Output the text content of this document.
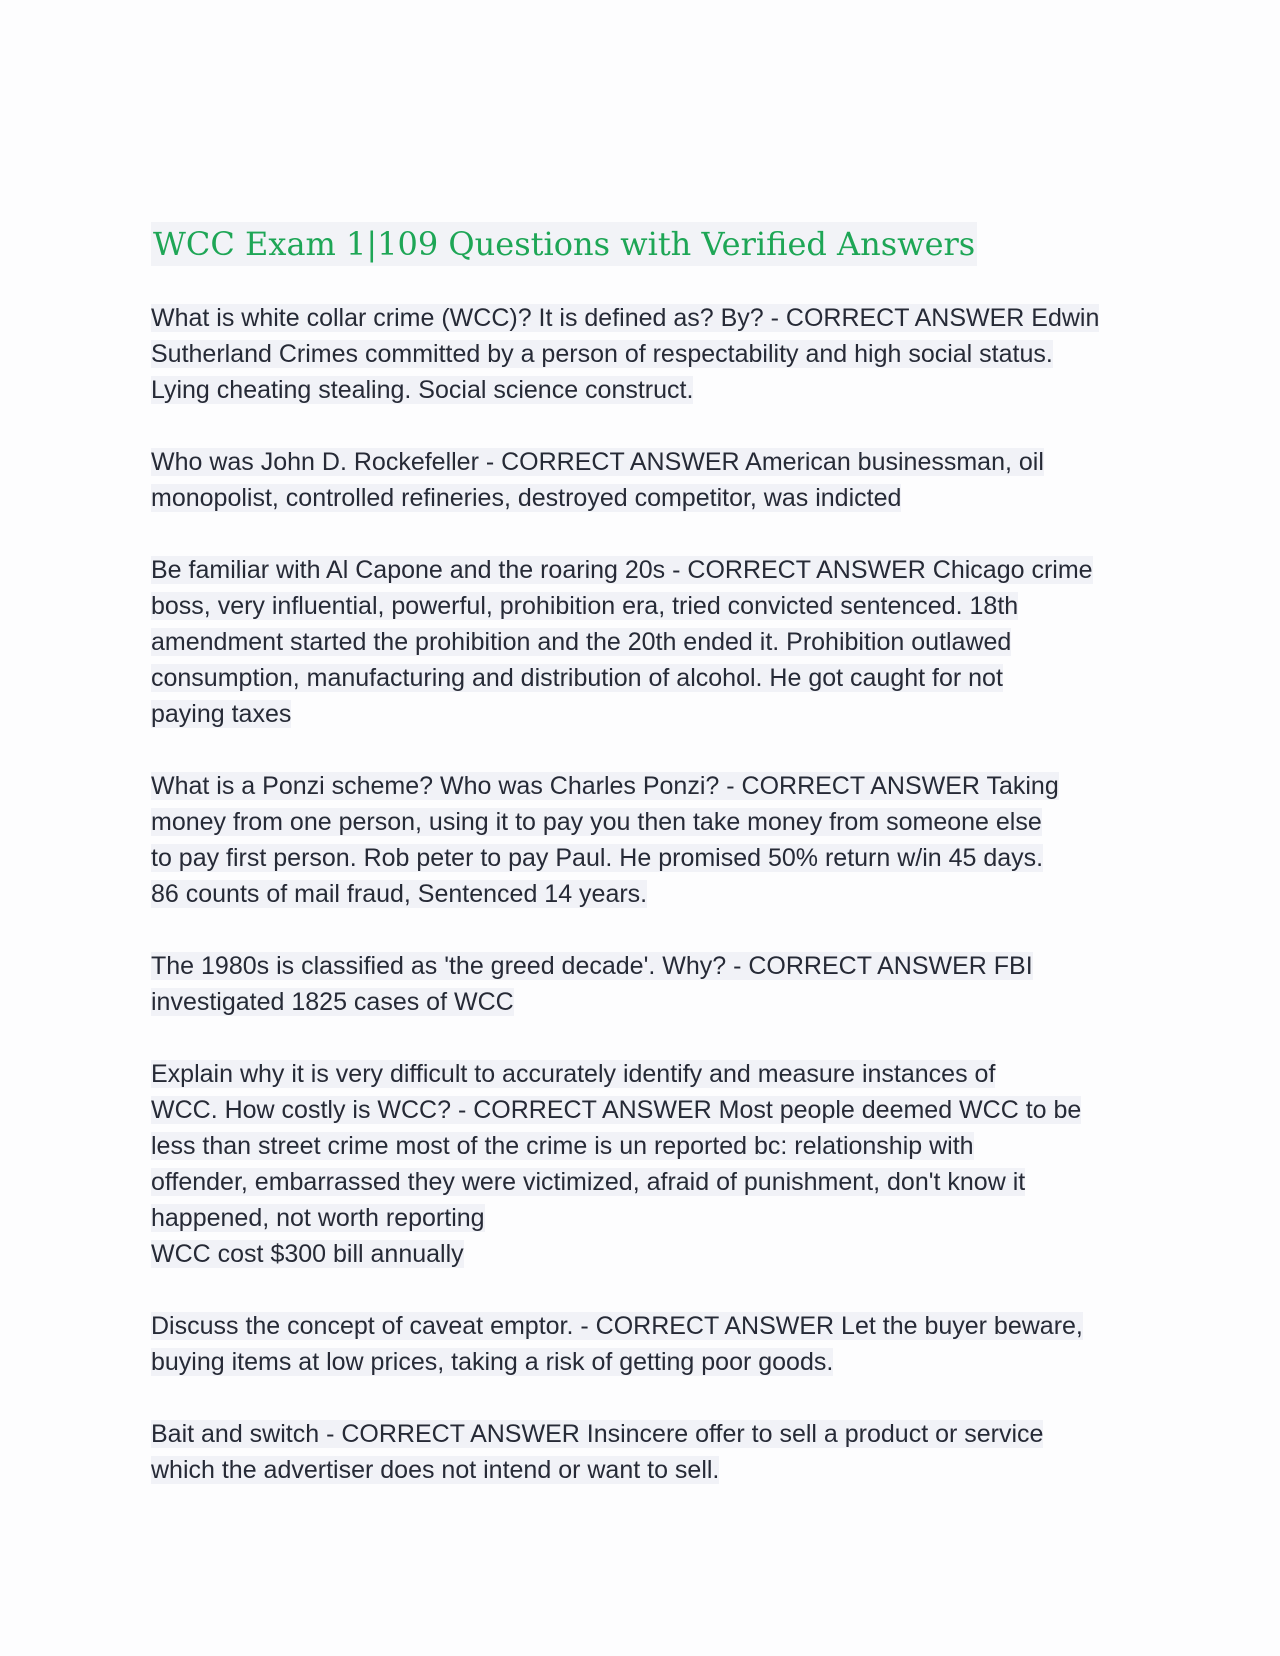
WCC Exam 1|109 Questions with Verified Answers

What is white collar crime (WCC)? It is defined as? By? - CORRECT ANSWER Edwin
Sutherland Crimes committed by a person of respectability and high social status.
Lying cheating stealing. Social science construct.

Who was John D. Rockefeller - CORRECT ANSWER American businessman, oil
monopolist, controlled refineries, destroyed competitor, was indicted

Be familiar with Al Capone and the roaring 20s - CORRECT ANSWER Chicago crime
boss, very influential, powerful, prohibition era, tried convicted sentenced. 18th
amendment started the prohibition and the 20th ended it. Prohibition outlawed
consumption, manufacturing and distribution of alcohol. He got caught for not
paying taxes

What is a Ponzi scheme? Who was Charles Ponzi? - CORRECT ANSWER Taking
money from one person, using it to pay you then take money from someone else
to pay first person. Rob peter to pay Paul. He promised 50% return w/in 45 days.
86 counts of mail fraud, Sentenced 14 years.

The 1980s is classified as 'the greed decade'. Why? - CORRECT ANSWER FBI
investigated 1825 cases of WCC

Explain why it is very difficult to accurately identify and measure instances of
WCC. How costly is WCC? - CORRECT ANSWER Most people deemed WCC to be
less than street crime most of the crime is un reported bc: relationship with
offender, embarrassed they were victimized, afraid of punishment, don't know it
happened, not worth reporting
WCC cost $300 bill annually

Discuss the concept of caveat emptor. - CORRECT ANSWER Let the buyer beware,
buying items at low prices, taking a risk of getting poor goods.

Bait and switch - CORRECT ANSWER Insincere offer to sell a product or service
which the advertiser does not intend or want to sell.
